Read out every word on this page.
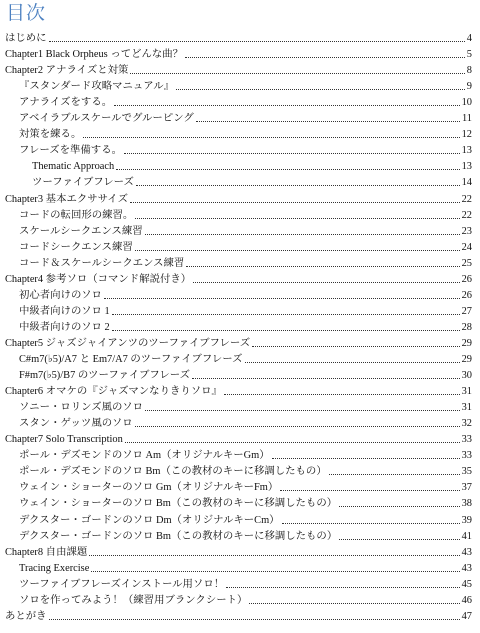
目次
はじめに	4
Chapter1 Black Orpheus ってどんな曲？	5
Chapter2 アナライズと対策	8
『スタンダード攻略マニュアル』	9
アナライズをする。	10
アベイラブルスケールでグルーピング	11
対策を練る。	12
フレーズを準備する。	13
Thematic Approach	13
ツーファイブフレーズ	14
Chapter3 基本エクササイズ	22
コードの転回形の練習。	22
スケールシークエンス練習	23
コードシークエンス練習	24
コード＆スケールシークエンス練習	25
Chapter4 参考ソロ（コマンド解説付き）	26
初心者向けのソロ	26
中級者向けのソロ 1	27
中級者向けのソロ 2	28
Chapter5 ジャズジャイアンツのツーファイブフレーズ	29
C#m7(♭5)/A7 と Em7/A7 のツーファイブフレーズ	29
F#m7(♭5)/B7 のツーファイブフレーズ	30
Chapter6 オマケの『ジャズマンなりきりソロ』	31
ソニー・ロリンズ風のソロ	31
スタン・ゲッツ風のソロ	32
Chapter7 Solo Transcription	33
ポール・デズモンドのソロ Am（オリジナルキーGm）	33
ポール・デズモンドのソロ Bm（この教材のキーに移調したもの）	35
ウェイン・ショーターのソロ Gm（オリジナルキーFm）	37
ウェイン・ショーターのソロ Bm（この教材のキーに移調したもの）	38
デクスター・ゴードンのソロ Dm（オリジナルキーCm）	39
デクスター・ゴードンのソロ Bm（この教材のキーに移調したもの）	41
Chapter8 自由課題	43
Tracing Exercise	43
ツーファイブフレーズインストール用ソロ！	45
ソロを作ってみよう！（練習用ブランクシート）	46
あとがき	47
